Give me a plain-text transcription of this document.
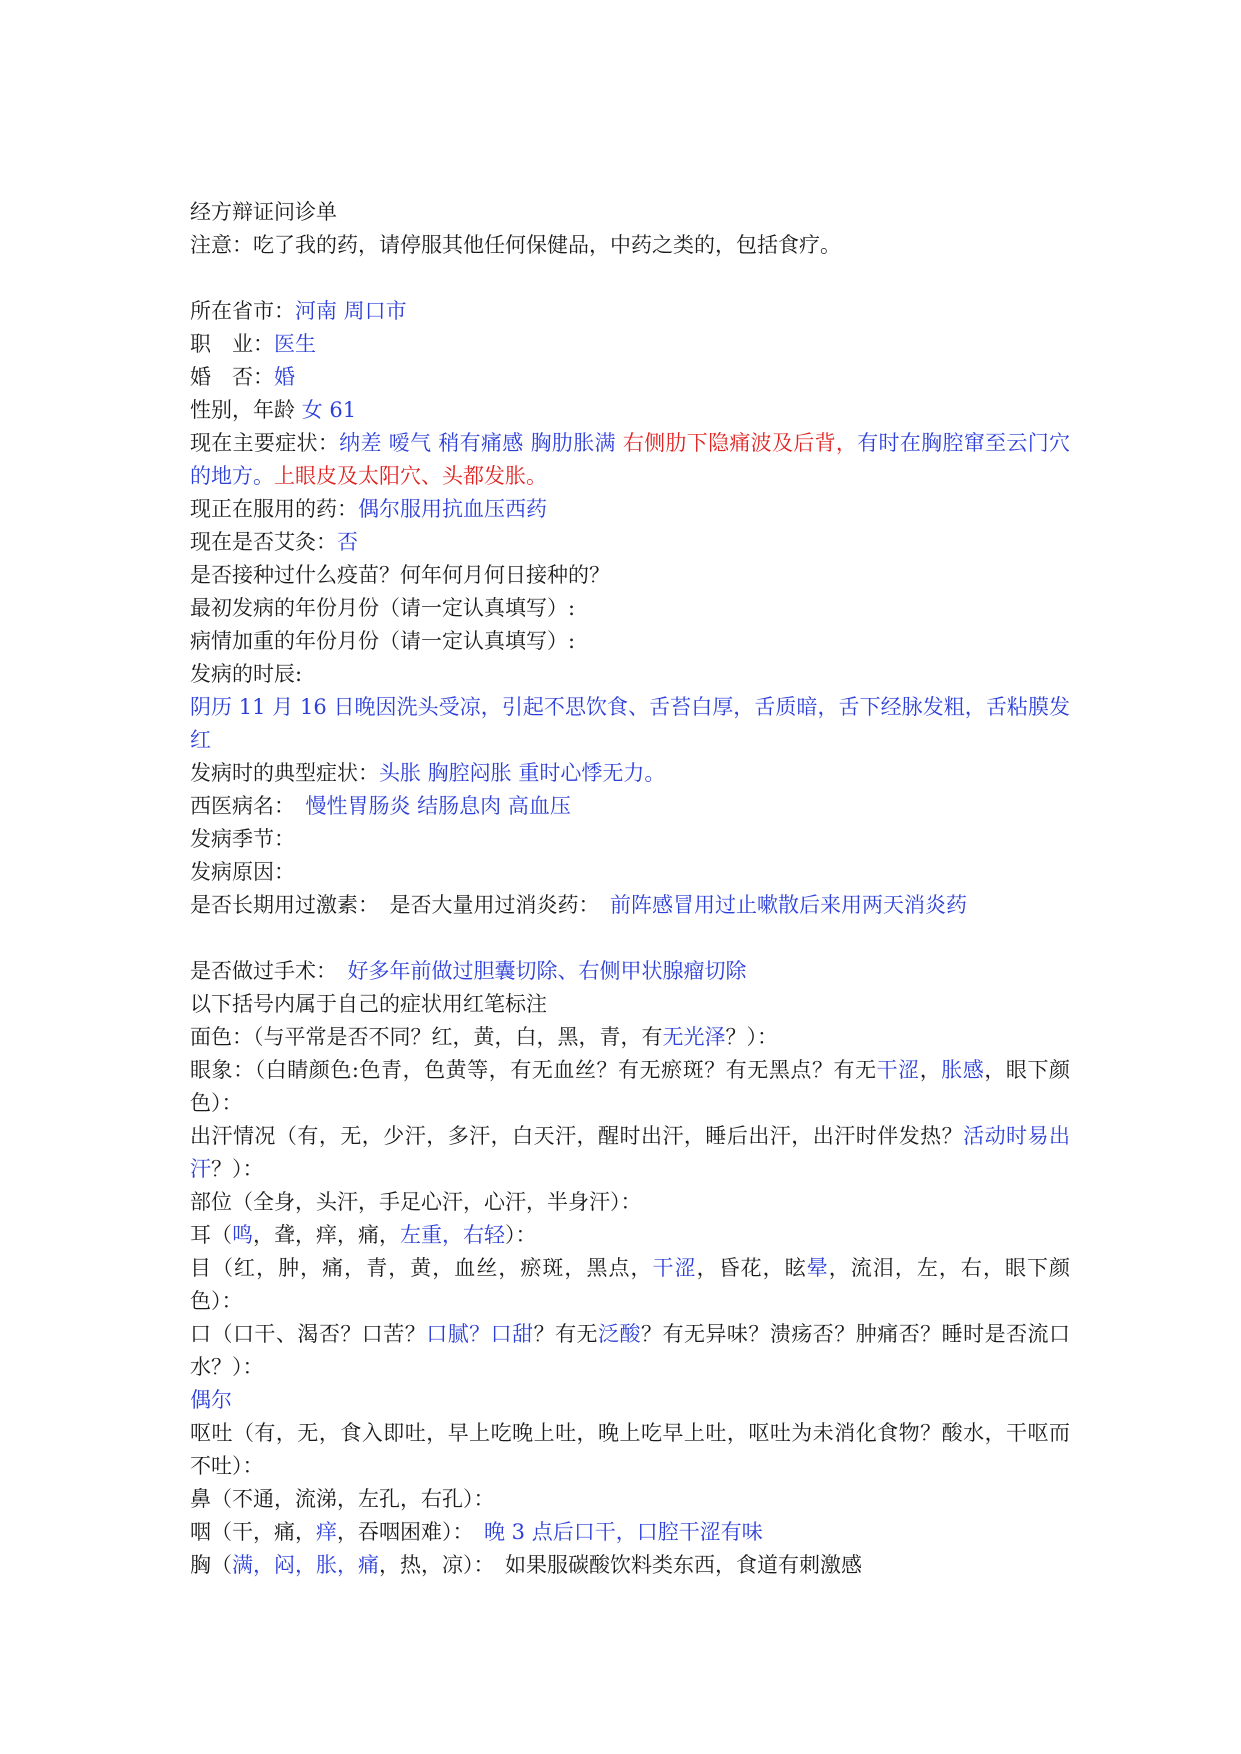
经方辩证问诊单
注意：吃了我的药，请停服其他任何保健品，中药之类的，包括食疗。
所在省市：河南 周口市
职　业：医生
婚　否：婚
性别，年龄 女 61
现在主要症状：纳差 嗳气 稍有痛感 胸肋胀满 右侧肋下隐痛波及后背，有时在胸腔窜至云门穴的地方。上眼皮及太阳穴、头都发胀。
现正在服用的药：偶尔服用抗血压西药
现在是否艾灸：否
是否接种过什么疫苗？何年何月何日接种的？
最初发病的年份月份（请一定认真填写）:
病情加重的年份月份（请一定认真填写）:
发病的时辰:
阴历 11 月 16 日晚因洗头受凉，引起不思饮食、舌苔白厚，舌质暗，舌下经脉发粗，舌粘膜发红
发病时的典型症状：头胀 胸腔闷胀 重时心悸无力。
西医病名：　慢性胃肠炎 结肠息肉 高血压
发病季节：
发病原因：
是否长期用过激素：　是否大量用过消炎药：　前阵感冒用过止嗽散后来用两天消炎药
是否做过手术：　好多年前做过胆囊切除、右侧甲状腺瘤切除
以下括号内属于自己的症状用红笔标注
面色：（与平常是否不同？红，黄，白，黑，青，有无光泽？）：
眼象：（白睛颜色:色青，色黄等，有无血丝？有无瘀斑？有无黑点？有无干涩，胀感，眼下颜色）：
出汗情况（有，无，少汗，多汗，白天汗，醒时出汗，睡后出汗，出汗时伴发热？活动时易出汗？）：
部位（全身，头汗，手足心汗，心汗，半身汗）：
耳（鸣，聋，痒，痛，左重，右轻）：
目（红，肿，痛，青，黄，血丝，瘀斑，黑点，干涩，昏花，眩晕，流泪，左，右，眼下颜色）：
口（口干、渴否？口苦？口腻？口甜？有无泛酸？有无异味？溃疡否？肿痛否？睡时是否流口水？）：
偶尔
呕吐（有，无，食入即吐，早上吃晚上吐，晚上吃早上吐，呕吐为未消化食物？酸水，干呕而不吐）：
鼻（不通，流涕，左孔，右孔）：
咽（干，痛，痒，吞咽困难）：　晚 3 点后口干，口腔干涩有味
胸（满，闷，胀，痛，热，凉）：　如果服碳酸饮料类东西，食道有刺激感
